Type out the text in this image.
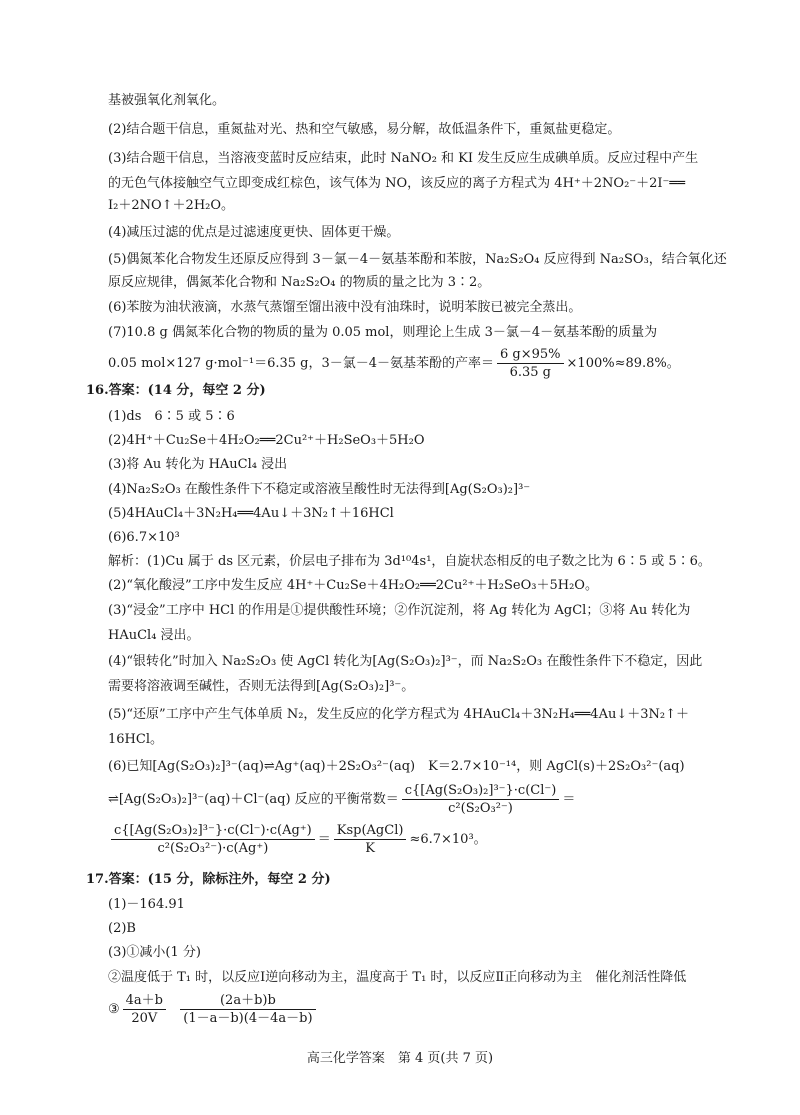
基被强氧化剂氧化。
(2)结合题干信息，重氮盐对光、热和空气敏感，易分解，故低温条件下，重氮盐更稳定。
(3)结合题干信息，当溶液变蓝时反应结束，此时 NaNO₂ 和 KI 发生反应生成碘单质。反应过程中产生
的无色气体接触空气立即变成红棕色，该气体为 NO，该反应的离子方程式为 4H⁺＋2NO₂⁻＋2I⁻══
I₂＋2NO↑＋2H₂O。
(4)减压过滤的优点是过滤速度更快、固体更干燥。
(5)偶氮苯化合物发生还原反应得到 3－氯－4－氨基苯酚和苯胺，Na₂S₂O₄ 反应得到 Na₂SO₃，结合氧化还
原反应规律，偶氮苯化合物和 Na₂S₂O₄ 的物质的量之比为 3∶2。
(6)苯胺为油状液滴，水蒸气蒸馏至馏出液中没有油珠时，说明苯胺已被完全蒸出。
(7)10.8 g 偶氮苯化合物的物质的量为 0.05 mol，则理论上生成 3－氯－4－氨基苯酚的质量为
0.05 mol×127 g·mol⁻¹＝6.35 g，3－氯－4－氨基苯酚的产率＝ $\frac{6 g\times 95\%}{6.35 g} \times 100\%\approx 89.8\%$。
16.答案：(14 分，每空 2 分)
(1)ds　6∶5 或 5∶6
(2)4H⁺＋Cu₂Se＋4H₂O₂══2Cu²⁺＋H₂SeO₃＋5H₂O
(3)将 Au 转化为 HAuCl₄ 浸出
(4)Na₂S₂O₃ 在酸性条件下不稳定或溶液呈酸性时无法得到[Ag(S₂O₃)₂]³⁻
(5)4HAuCl₄＋3N₂H₄══4Au↓＋3N₂↑＋16HCl
(6)6.7×10³
解析：(1)Cu 属于 ds 区元素，价层电子排布为 3d¹⁰4s¹，自旋状态相反的电子数之比为 6∶5 或 5∶6。
(2)“氧化酸浸”工序中发生反应 4H⁺＋Cu₂Se＋4H₂O₂══2Cu²⁺＋H₂SeO₃＋5H₂O。
(3)“浸金”工序中 HCl 的作用是①提供酸性环境；②作沉淀剂，将 Ag 转化为 AgCl；③将 Au 转化为
HAuCl₄ 浸出。
(4)“银转化”时加入 Na₂S₂O₃ 使 AgCl 转化为[Ag(S₂O₃)₂]³⁻，而 Na₂S₂O₃ 在酸性条件下不稳定，因此
需要将溶液调至碱性，否则无法得到[Ag(S₂O₃)₂]³⁻。
(5)“还原”工序中产生气体单质 N₂，发生反应的化学方程式为 4HAuCl₄＋3N₂H₄══4Au↓＋3N₂↑＋
16HCl。
(6)已知[Ag(S₂O₃)₂]³⁻(aq)⇌Ag⁺(aq)＋2S₂O₃²⁻(aq)　K＝2.7×10⁻¹⁴，则 AgCl(s)＋2S₂O₃²⁻(aq)
⇌[Ag(S₂O₃)₂]³⁻(aq)＋Cl⁻(aq) 反应的平衡常数＝ $\frac{\text{c\{[Ag(S₂O₃)₂]³⁻\}·c(Cl⁻)}}{\text{c²(S₂O₃²⁻)}}$ ＝
$\frac{\text{c\{[Ag(S₂O₃)₂]³⁻\}·c(Cl⁻)·c(Ag⁺)}}{\text{c²(S₂O₃²⁻)·c(Ag⁺)}} = \frac{\text{Ksp(AgCl)}}{K} \approx 6.7\times 10^3$。
17.答案：(15 分，除标注外，每空 2 分)
(1)－164.91
(2)B
(3)①减小(1 分)
②温度低于 T₁ 时，以反应Ⅰ逆向移动为主，温度高于 T₁ 时，以反应Ⅱ正向移动为主　催化剂活性降低
③ $\frac{4a+b}{20V}$
$\frac{(2a+b)b}{(1-a-b)(4-4a-b)}$
高三化学答案　第 4 页(共 7 页)
